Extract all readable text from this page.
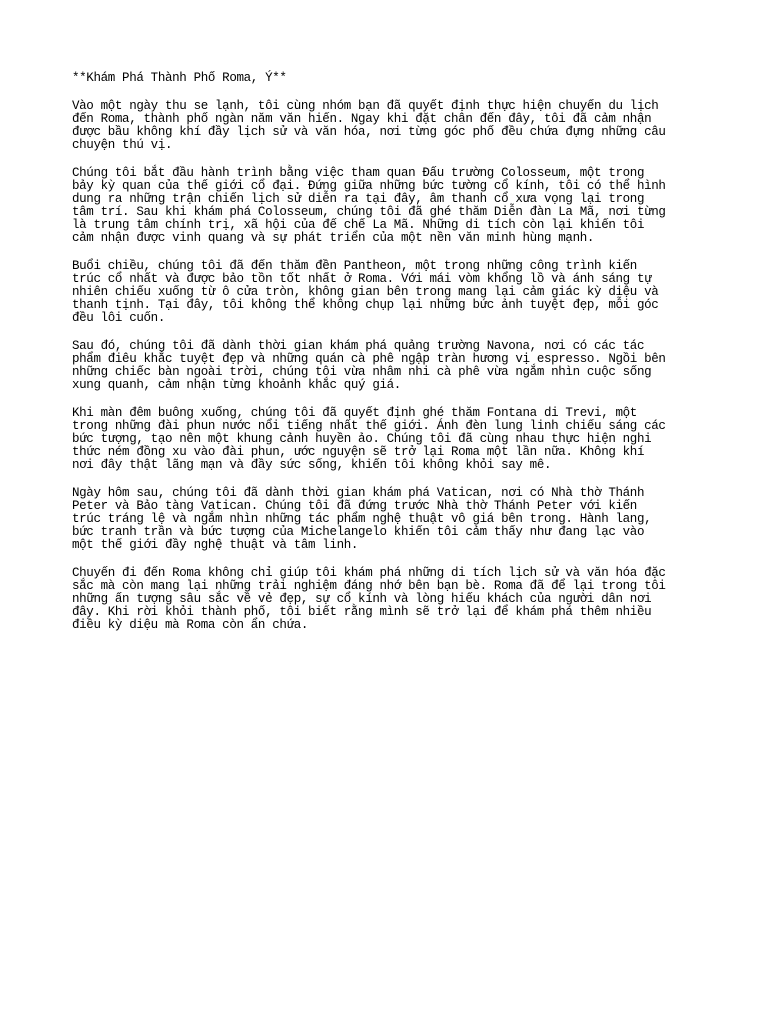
**Khám Phá Thành Phố Roma, Ý**
Vào một ngày thu se lạnh, tôi cùng nhóm bạn đã quyết định thực hiện chuyến du lịch
đến Roma, thành phố ngàn năm văn hiến. Ngay khi đặt chân đến đây, tôi đã cảm nhận
được bầu không khí đầy lịch sử và văn hóa, nơi từng góc phố đều chứa đựng những câu
chuyện thú vị.
Chúng tôi bắt đầu hành trình bằng việc tham quan Đấu trường Colosseum, một trong
bảy kỳ quan của thế giới cổ đại. Đứng giữa những bức tường cổ kính, tôi có thể hình
dung ra những trận chiến lịch sử diễn ra tại đây, âm thanh cổ xưa vọng lại trong
tâm trí. Sau khi khám phá Colosseum, chúng tôi đã ghé thăm Diễn đàn La Mã, nơi từng
là trung tâm chính trị, xã hội của đế chế La Mã. Những di tích còn lại khiến tôi
cảm nhận được vinh quang và sự phát triển của một nền văn minh hùng mạnh.
Buổi chiều, chúng tôi đã đến thăm đền Pantheon, một trong những công trình kiến
trúc cổ nhất và được bảo tồn tốt nhất ở Roma. Với mái vòm khổng lồ và ánh sáng tự
nhiên chiếu xuống từ ô cửa tròn, không gian bên trong mang lại cảm giác kỳ diệu và
thanh tịnh. Tại đây, tôi không thể không chụp lại những bức ảnh tuyệt đẹp, mỗi góc
đều lôi cuốn.
Sau đó, chúng tôi đã dành thời gian khám phá quảng trường Navona, nơi có các tác
phẩm điêu khắc tuyệt đẹp và những quán cà phê ngập tràn hương vị espresso. Ngồi bên
những chiếc bàn ngoài trời, chúng tôi vừa nhâm nhi cà phê vừa ngắm nhìn cuộc sống
xung quanh, cảm nhận từng khoảnh khắc quý giá.
Khi màn đêm buông xuống, chúng tôi đã quyết định ghé thăm Fontana di Trevi, một
trong những đài phun nước nổi tiếng nhất thế giới. Ánh đèn lung linh chiếu sáng các
bức tượng, tạo nên một khung cảnh huyền ảo. Chúng tôi đã cùng nhau thực hiện nghi
thức ném đồng xu vào đài phun, ước nguyện sẽ trở lại Roma một lần nữa. Không khí
nơi đây thật lãng mạn và đầy sức sống, khiến tôi không khỏi say mê.
Ngày hôm sau, chúng tôi đã dành thời gian khám phá Vatican, nơi có Nhà thờ Thánh
Peter và Bảo tàng Vatican. Chúng tôi đã đứng trước Nhà thờ Thánh Peter với kiến
trúc tráng lệ và ngắm nhìn những tác phẩm nghệ thuật vô giá bên trong. Hành lang,
bức tranh trần và bức tượng của Michelangelo khiến tôi cảm thấy như đang lạc vào
một thế giới đầy nghệ thuật và tâm linh.
Chuyến đi đến Roma không chỉ giúp tôi khám phá những di tích lịch sử và văn hóa đặc
sắc mà còn mang lại những trải nghiệm đáng nhớ bên bạn bè. Roma đã để lại trong tôi
những ấn tượng sâu sắc về vẻ đẹp, sự cổ kính và lòng hiếu khách của người dân nơi
đây. Khi rời khỏi thành phố, tôi biết rằng mình sẽ trở lại để khám phá thêm nhiều
điều kỳ diệu mà Roma còn ẩn chứa.
